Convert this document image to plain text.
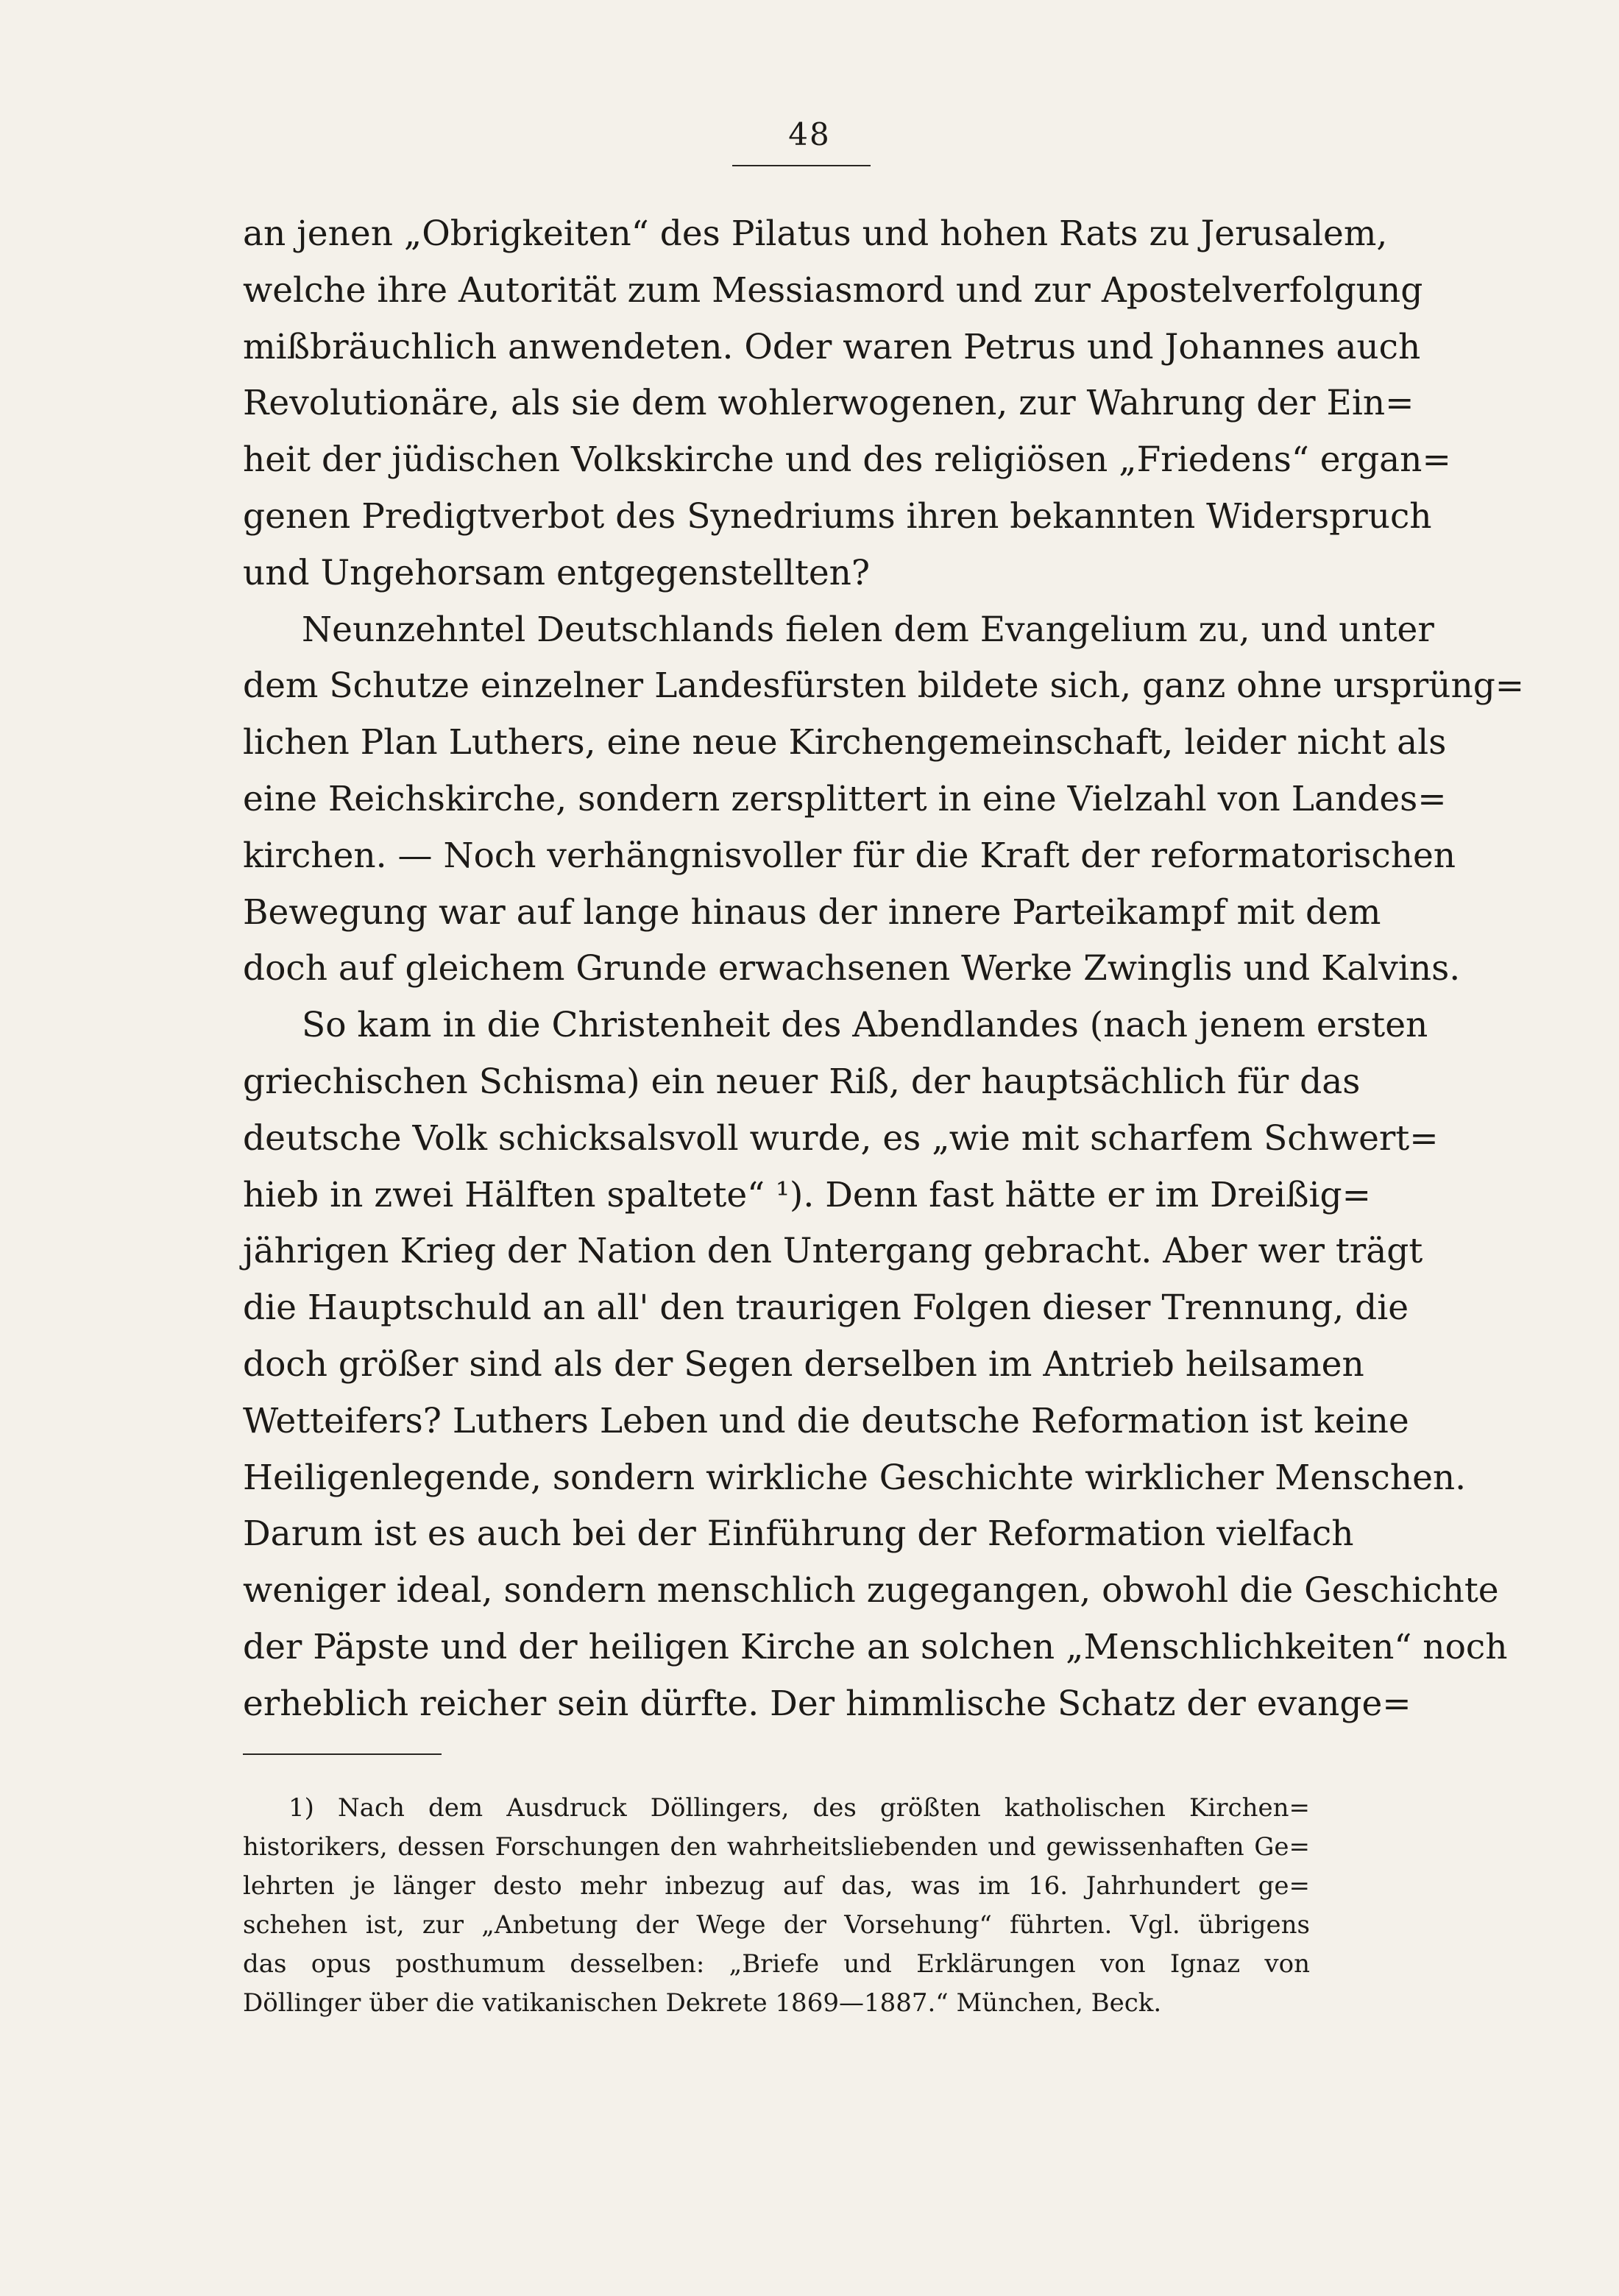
48
an jenen „Obrigkeiten“ des Pilatus und hohen Rats zu Jerusalem,
welche ihre Autorität zum Messiasmord und zur Apostelverfolgung
mißbräuchlich anwendeten. Oder waren Petrus und Johannes auch
Revolutionäre, als sie dem wohlerwogenen, zur Wahrung der Ein=
heit der jüdischen Volkskirche und des religiösen „Friedens“ ergan=
genen Predigtverbot des Synedriums ihren bekannten Widerspruch
und Ungehorsam entgegenstellten?
Neunzehntel Deutschlands fielen dem Evangelium zu, und unter
dem Schutze einzelner Landesfürsten bildete sich, ganz ohne ursprüng=
lichen Plan Luthers, eine neue Kirchengemeinschaft, leider nicht als
eine Reichskirche, sondern zersplittert in eine Vielzahl von Landes=
kirchen. — Noch verhängnisvoller für die Kraft der reformatorischen
Bewegung war auf lange hinaus der innere Parteikampf mit dem
doch auf gleichem Grunde erwachsenen Werke Zwinglis und Kalvins.
So kam in die Christenheit des Abendlandes (nach jenem ersten
griechischen Schisma) ein neuer Riß, der hauptsächlich für das
deutsche Volk schicksalsvoll wurde, es „wie mit scharfem Schwert=
hieb in zwei Hälften spaltete“ ¹). Denn fast hätte er im Dreißig=
jährigen Krieg der Nation den Untergang gebracht. Aber wer trägt
die Hauptschuld an all' den traurigen Folgen dieser Trennung, die
doch größer sind als der Segen derselben im Antrieb heilsamen
Wetteifers? Luthers Leben und die deutsche Reformation ist keine
Heiligenlegende, sondern wirkliche Geschichte wirklicher Menschen.
Darum ist es auch bei der Einführung der Reformation vielfach
weniger ideal, sondern menschlich zugegangen, obwohl die Geschichte
der Päpste und der heiligen Kirche an solchen „Menschlichkeiten“ noch
erheblich reicher sein dürfte. Der himmlische Schatz der evange=
1) Nach dem Ausdruck Döllingers, des größten katholischen Kirchen=
historikers, dessen Forschungen den wahrheitsliebenden und gewissenhaften Ge=
lehrten je länger desto mehr inbezug auf das, was im 16. Jahrhundert ge=
schehen ist, zur „Anbetung der Wege der Vorsehung“ führten. Vgl. übrigens
das opus posthumum desselben: „Briefe und Erklärungen von Ignaz von
Döllinger über die vatikanischen Dekrete 1869—1887.“ München, Beck.
